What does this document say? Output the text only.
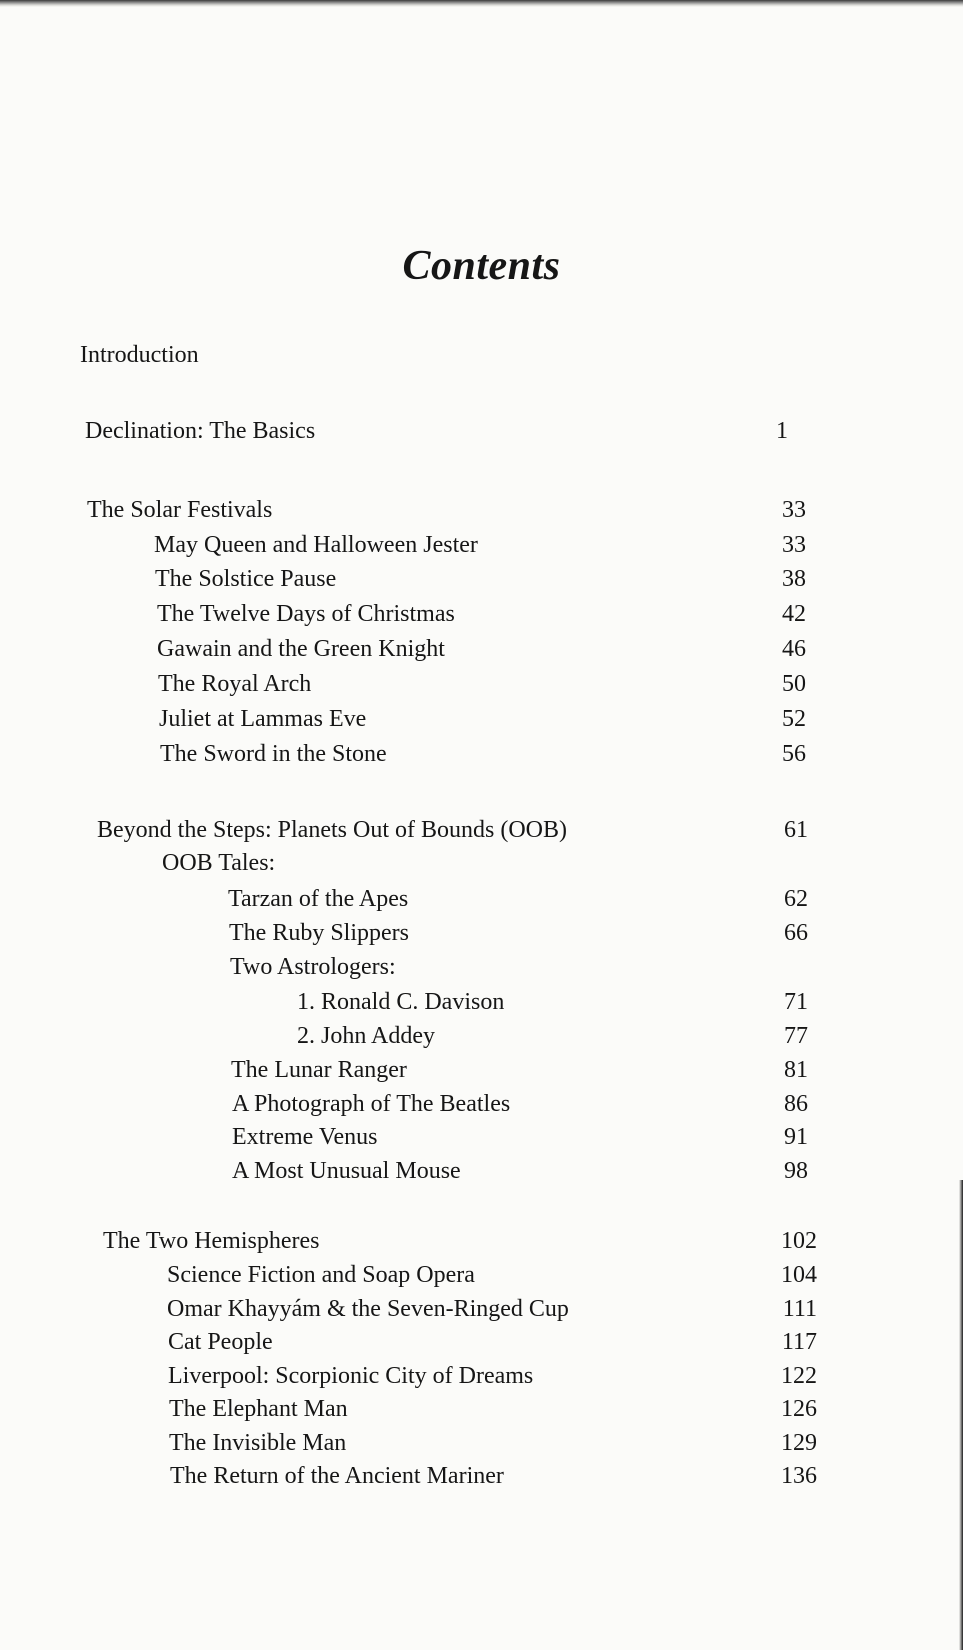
Contents
Introduction
Declination: The Basics	1
The Solar Festivals	33
May Queen and Halloween Jester	33
The Solstice Pause	38
The Twelve Days of Christmas	42
Gawain and the Green Knight	46
The Royal Arch	50
Juliet at Lammas Eve	52
The Sword in the Stone	56
Beyond the Steps: Planets Out of Bounds (OOB)	61
OOB Tales:
Tarzan of the Apes	62
The Ruby Slippers	66
Two Astrologers:
1. Ronald C. Davison	71
2. John Addey	77
The Lunar Ranger	81
A Photograph of The Beatles	86
Extreme Venus	91
A Most Unusual Mouse	98
The Two Hemispheres	102
Science Fiction and Soap Opera	104
Omar Khayyám & the Seven-Ringed Cup	111
Cat People	117
Liverpool: Scorpionic City of Dreams	122
The Elephant Man	126
The Invisible Man	129
The Return of the Ancient Mariner	136
